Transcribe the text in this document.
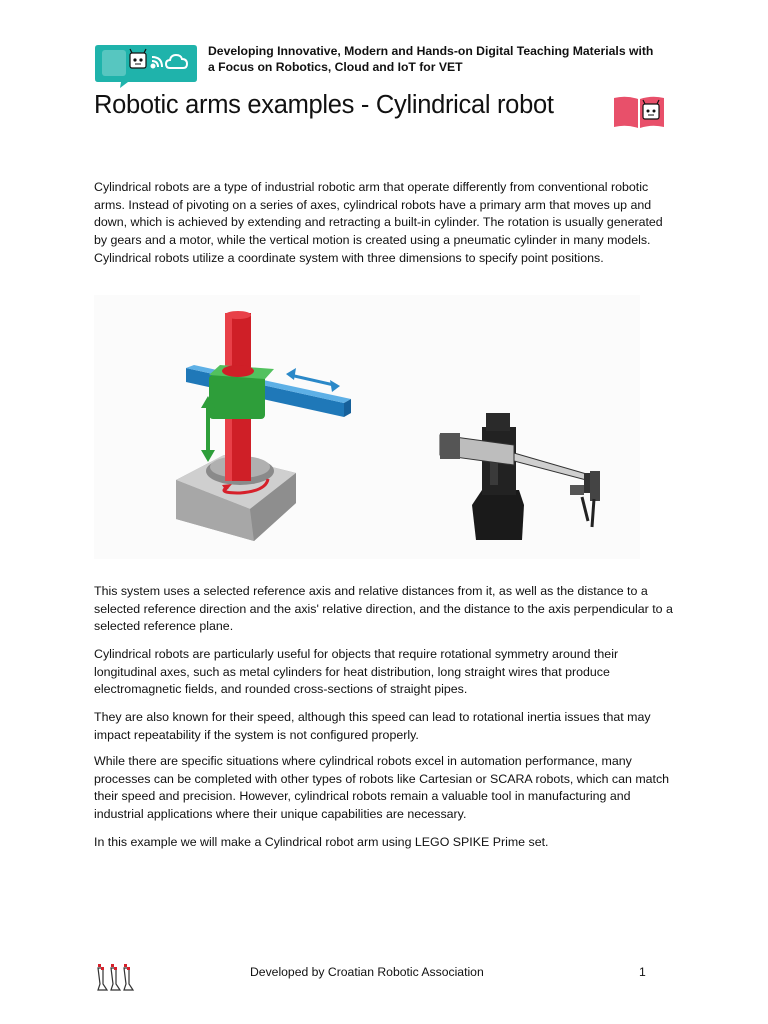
Developing Innovative, Modern and Hands-on Digital Teaching Materials with
a Focus on Robotics, Cloud and IoT for VET
Robotic arms examples - Cylindrical robot

Cylindrical robots are a type of industrial robotic arm that operate differently from conventional robotic arms. Instead of pivoting on a series of axes, cylindrical robots have a primary arm that moves up and down, which is achieved by extending and retracting a built-in cylinder. The rotation is usually generated by gears and a motor, while the vertical motion is created using a pneumatic cylinder in many models. Cylindrical robots utilize a coordinate system with three dimensions to specify point positions.

This system uses a selected reference axis and relative distances from it, as well as the distance to a selected reference direction and the axis' relative direction, and the distance to the axis perpendicular to a selected reference plane.

Cylindrical robots are particularly useful for objects that require rotational symmetry around their longitudinal axes, such as metal cylinders for heat distribution, long straight wires that produce electromagnetic fields, and rounded cross-sections of straight pipes.

They are also known for their speed, although this speed can lead to rotational inertia issues that may impact repeatability if the system is not configured properly.

While there are specific situations where cylindrical robots excel in automation performance, many processes can be completed with other types of robots like Cartesian or SCARA robots, which can match their speed and precision. However, cylindrical robots remain a valuable tool in manufacturing and industrial applications where their unique capabilities are necessary.

In this example we will make a Cylindrical robot arm using LEGO SPIKE Prime set.

Developed by Croatian Robotic Association	1
